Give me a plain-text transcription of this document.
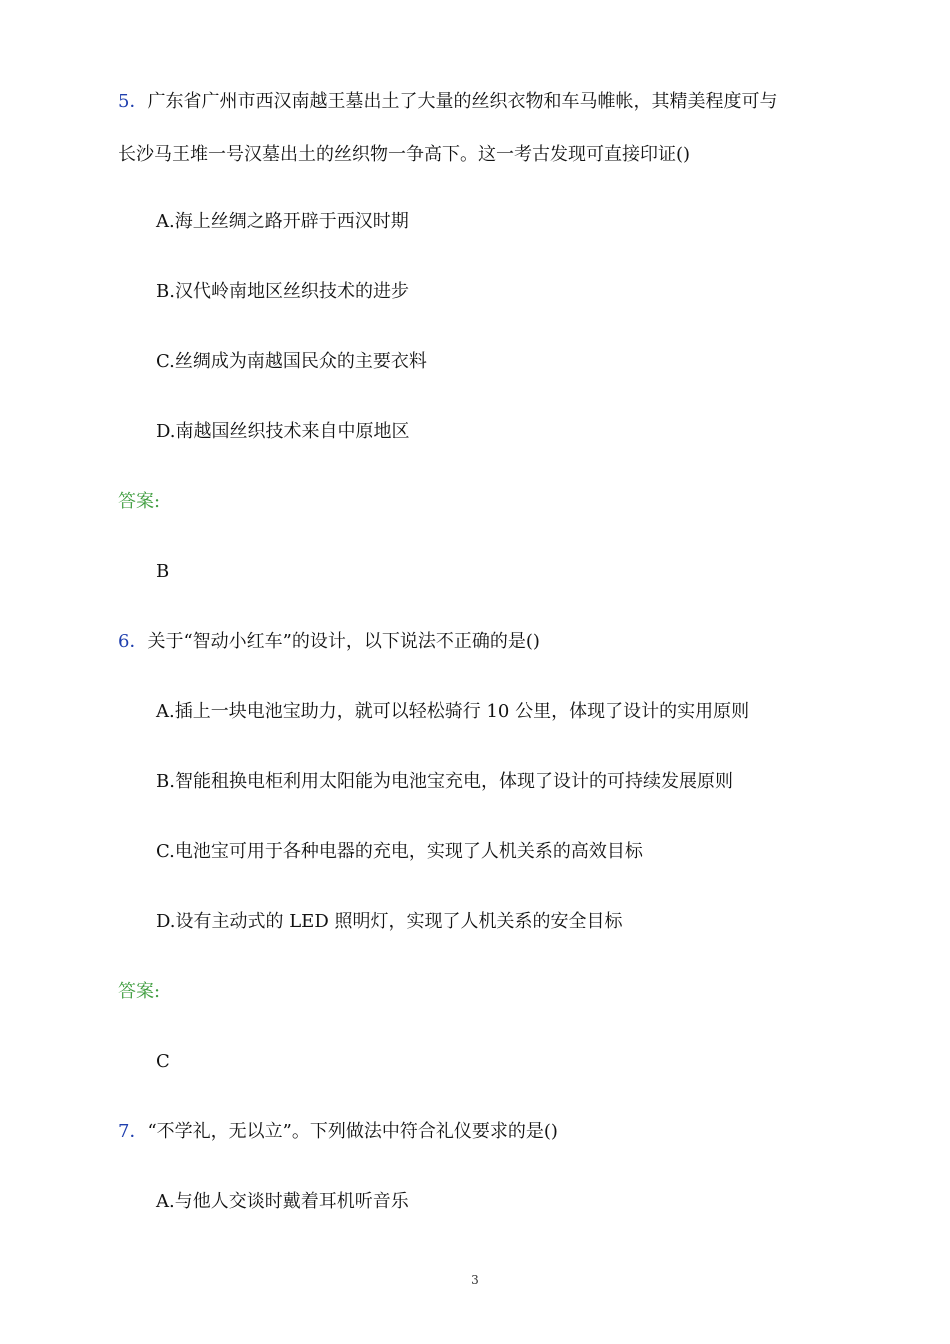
5．广东省广州市西汉南越王墓出土了大量的丝织衣物和车马帷帐，其精美程度可与
长沙马王堆一号汉墓出土的丝织物一争高下。这一考古发现可直接印证()
A.海上丝绸之路开辟于西汉时期
B.汉代岭南地区丝织技术的进步
C.丝绸成为南越国民众的主要衣料
D.南越国丝织技术来自中原地区
答案:
B
6．关于“智动小红车”的设计，以下说法不正确的是()
A.插上一块电池宝助力，就可以轻松骑行 10 公里，体现了设计的实用原则
B.智能租换电柜利用太阳能为电池宝充电，体现了设计的可持续发展原则
C.电池宝可用于各种电器的充电，实现了人机关系的高效目标
D.设有主动式的 LED 照明灯，实现了人机关系的安全目标
答案:
C
7．“不学礼，无以立”。下列做法中符合礼仪要求的是()
A.与他人交谈时戴着耳机听音乐
3
